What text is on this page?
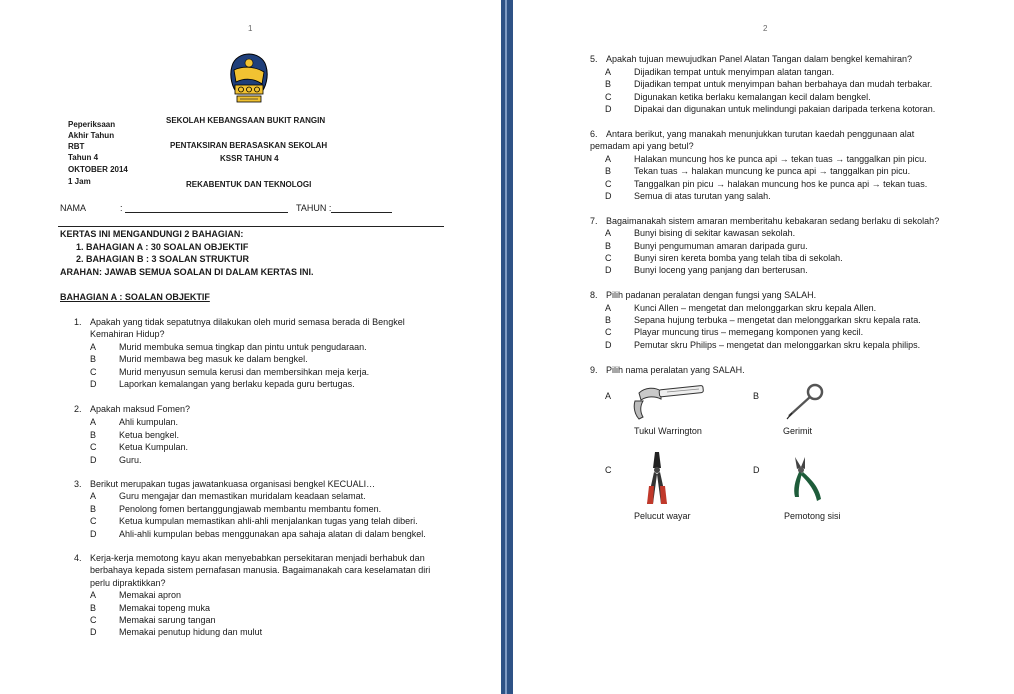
1
Peperiksaan
Akhir Tahun
RBT
Tahun 4
OKTOBER 2014
1 Jam
SEKOLAH KEBANGSAAN BUKIT RANGIN
PENTAKSIRAN BERASASKAN SEKOLAH
KSSR TAHUN 4
REKABENTUK DAN TEKNOLOGI
NAMA	:	TAHUN :
KERTAS INI MENGANDUNGI 2 BAHAGIAN:
1. BAHAGIAN A : 30 SOALAN OBJEKTIF
2. BAHAGIAN B : 3 SOALAN STRUKTUR
ARAHAN: JAWAB SEMUA SOALAN DI DALAM KERTAS INI.
BAHAGIAN A : SOALAN OBJEKTIF
1. Apakah yang tidak sepatutnya dilakukan oleh murid semasa berada di Bengkel
Kemahiran Hidup?
A	Murid membuka semua tingkap dan pintu untuk pengudaraan.
B	Murid membawa beg masuk ke dalam bengkel.
C	Murid menyusun semula kerusi dan membersihkan meja kerja.
D	Laporkan kemalangan yang berlaku kepada guru bertugas.
2. Apakah maksud Fomen?
A	Ahli kumpulan.
B	Ketua bengkel.
C	Ketua Kumpulan.
D	Guru.
3. Berikut merupakan tugas jawatankuasa organisasi bengkel KECUALI…
A	Guru mengajar dan memastikan muridalam keadaan selamat.
B	Penolong fomen bertanggungjawab membantu membantu fomen.
C	Ketua kumpulan memastikan ahli-ahli menjalankan tugas yang telah diberi.
D	Ahli-ahli kumpulan bebas menggunakan apa sahaja alatan di dalam bengkel.
4. Kerja-kerja memotong kayu akan menyebabkan persekitaran menjadi berhabuk dan
berbahaya kepada sistem pernafasan manusia. Bagaimanakah cara keselamatan diri
perlu dipraktikkan?
A	Memakai apron
B	Memakai topeng muka
C	Memakai sarung tangan
D	Memakai penutup hidung dan mulut
2
5. Apakah tujuan mewujudkan Panel Alatan Tangan dalam bengkel kemahiran?
A	Dijadikan tempat untuk menyimpan alatan tangan.
B	Dijadikan tempat untuk menyimpan bahan berbahaya dan mudah terbakar.
C	Digunakan ketika berlaku kemalangan kecil dalam bengkel.
D	Dipakai dan digunakan untuk melindungi pakaian daripada terkena kotoran.
6. Antara berikut, yang manakah menunjukkan turutan kaedah penggunaan alat
pemadam api yang betul?
A	Halakan muncung hos ke punca api → tekan tuas → tanggalkan pin picu.
B	Tekan tuas → halakan muncung ke punca api → tanggalkan pin picu.
C	Tanggalkan pin picu → halakan muncung hos ke punca api → tekan tuas.
D	Semua di atas turutan yang salah.
7. Bagaimanakah sistem amaran memberitahu kebakaran sedang berlaku di sekolah?
A	Bunyi bising di sekitar kawasan sekolah.
B	Bunyi pengumuman amaran daripada guru.
C	Bunyi siren kereta bomba yang telah tiba di sekolah.
D	Bunyi loceng yang panjang dan berterusan.
8. Pilih padanan peralatan dengan fungsi yang SALAH.
A	Kunci Allen – mengetat dan melonggarkan skru kepala Allen.
B	Sepana hujung terbuka – mengetat dan melonggarkan skru kepala rata.
C	Playar muncung tirus – memegang komponen yang kecil.
D	Pemutar skru Philips – mengetat dan melonggarkan skru kepala philips.
9. Pilih nama peralatan yang SALAH.
A
Tukul Warrington
B
Gerimit
C
Pelucut wayar
D
Pemotong sisi
